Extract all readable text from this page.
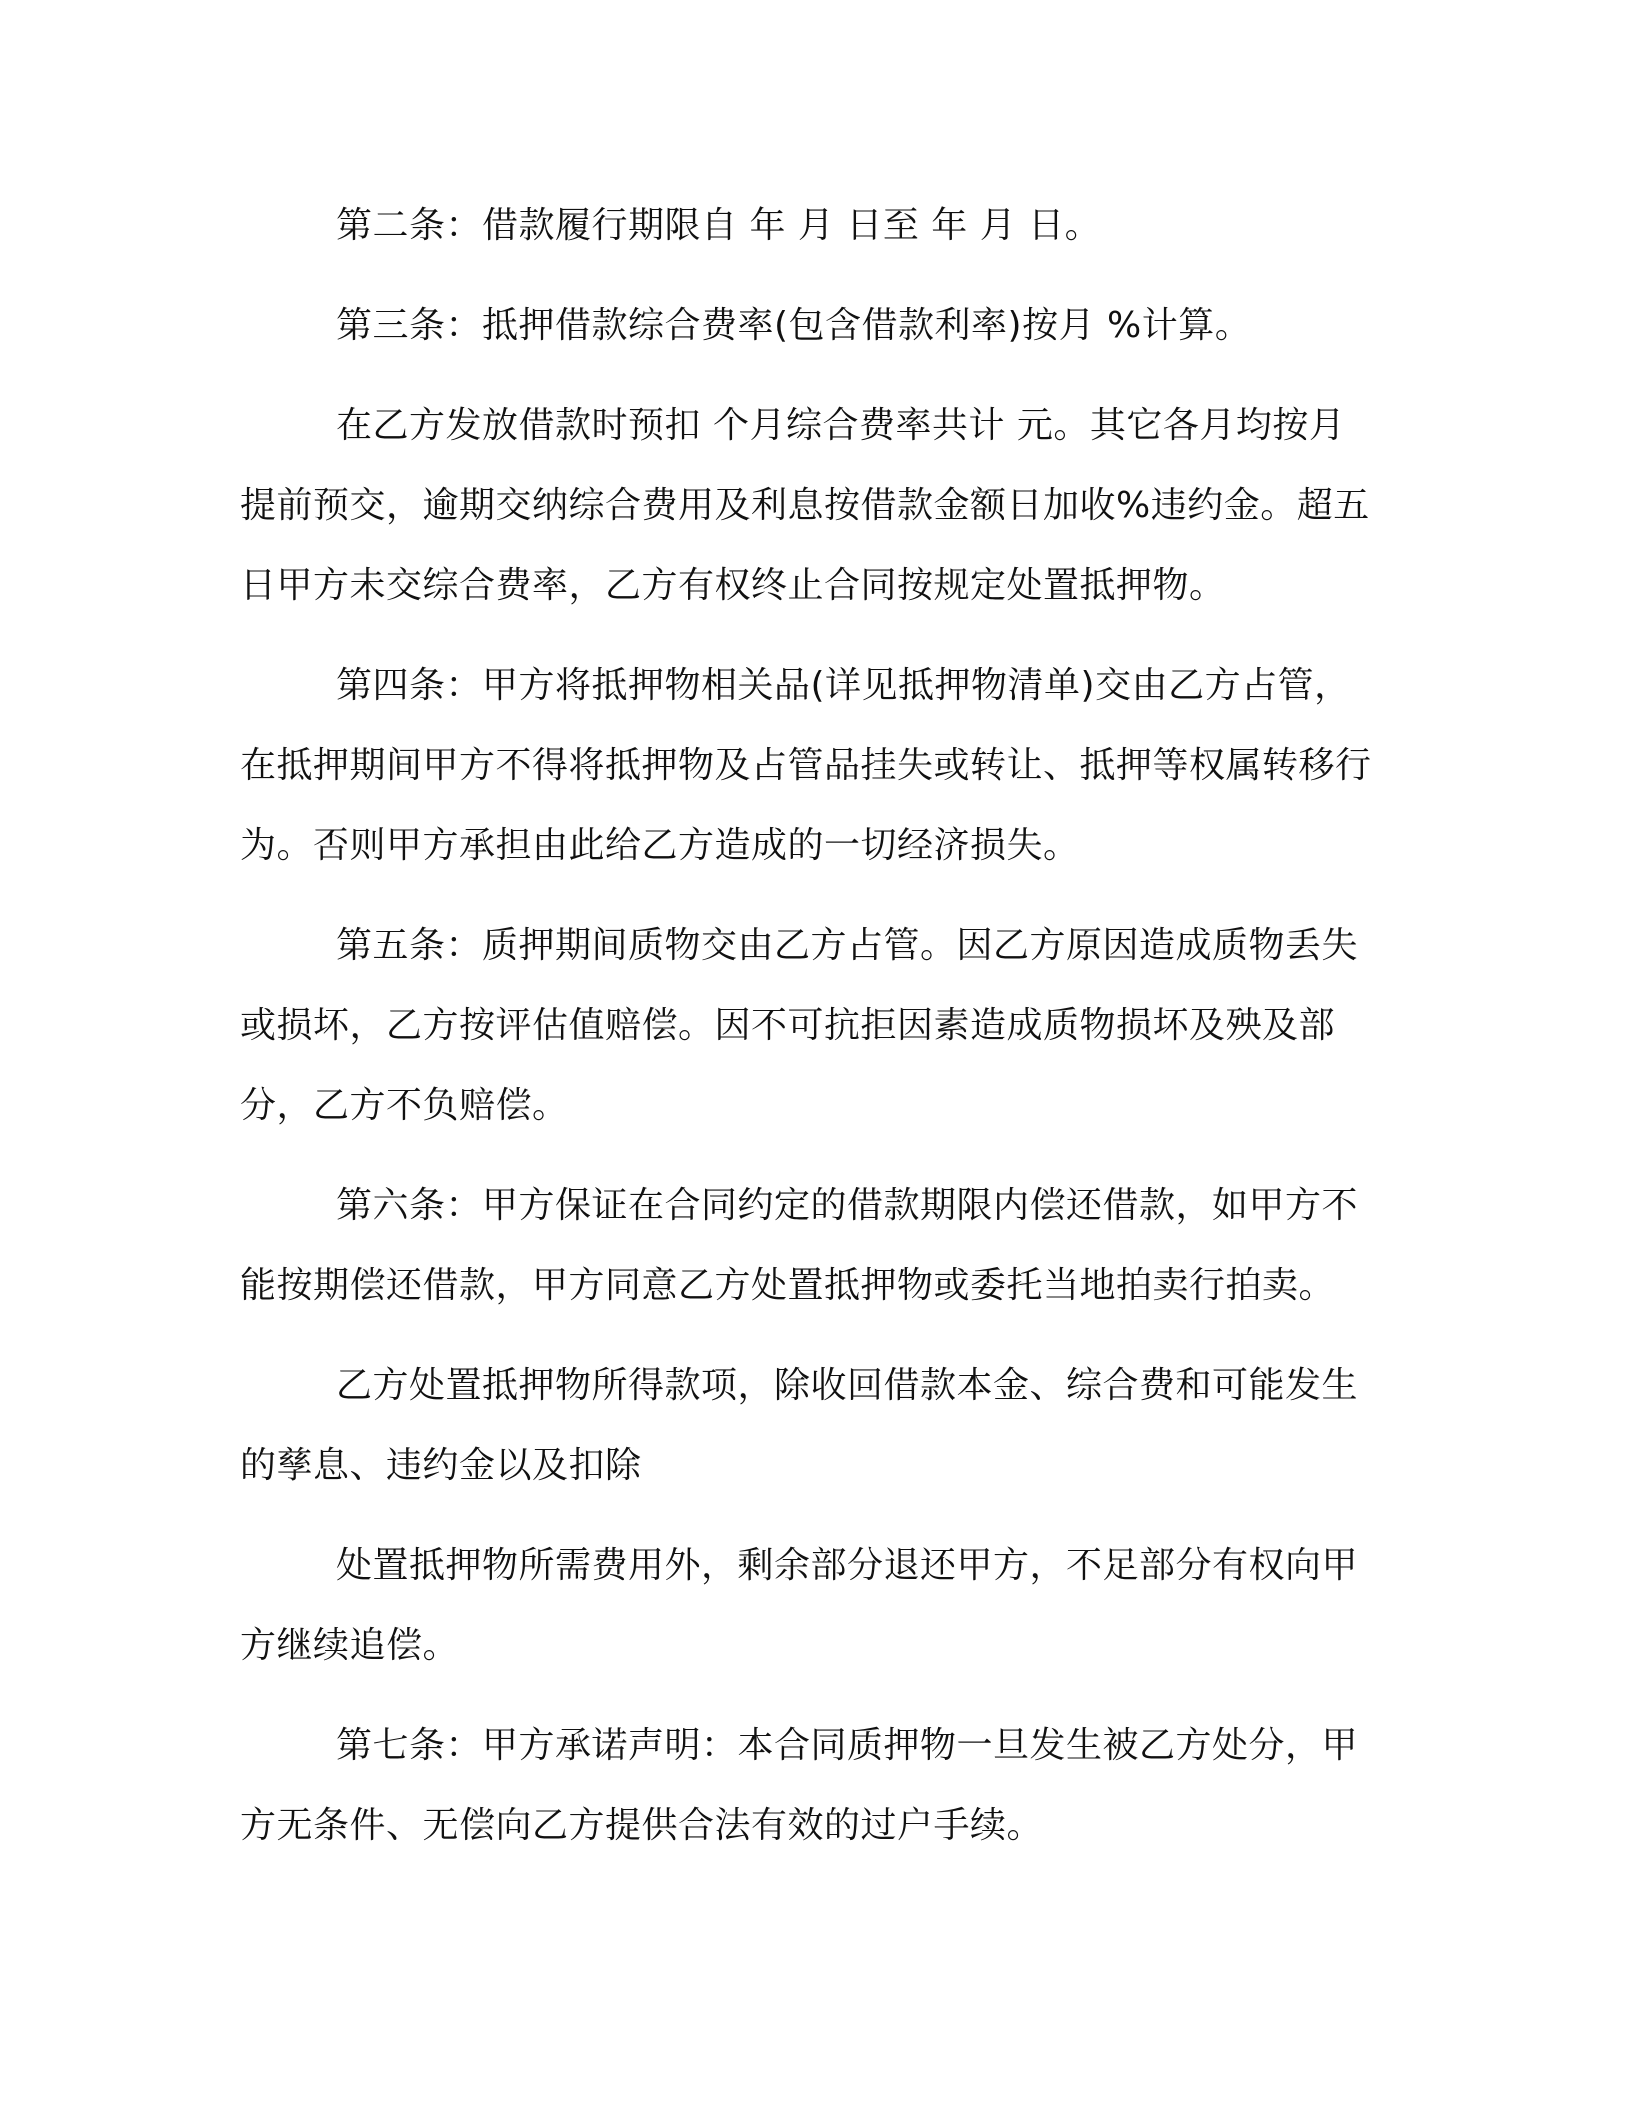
第二条：借款履行期限自 年 月 日至 年 月 日。

第三条：抵押借款综合费率(包含借款利率)按月 %计算。

在乙方发放借款时预扣 个月综合费率共计 元。其它各月均按月提前预交，逾期交纳综合费用及利息按借款金额日加收%违约金。超五日甲方未交综合费率，乙方有权终止合同按规定处置抵押物。

第四条：甲方将抵押物相关品(详见抵押物清单)交由乙方占管，在抵押期间甲方不得将抵押物及占管品挂失或转让、抵押等权属转移行为。否则甲方承担由此给乙方造成的一切经济损失。

第五条：质押期间质物交由乙方占管。因乙方原因造成质物丢失或损坏，乙方按评估值赔偿。因不可抗拒因素造成质物损坏及殃及部分，乙方不负赔偿。

第六条：甲方保证在合同约定的借款期限内偿还借款，如甲方不能按期偿还借款，甲方同意乙方处置抵押物或委托当地拍卖行拍卖。

乙方处置抵押物所得款项，除收回借款本金、综合费和可能发生的孳息、违约金以及扣除

处置抵押物所需费用外，剩余部分退还甲方，不足部分有权向甲方继续追偿。

第七条：甲方承诺声明：本合同质押物一旦发生被乙方处分，甲方无条件、无偿向乙方提供合法有效的过户手续。
